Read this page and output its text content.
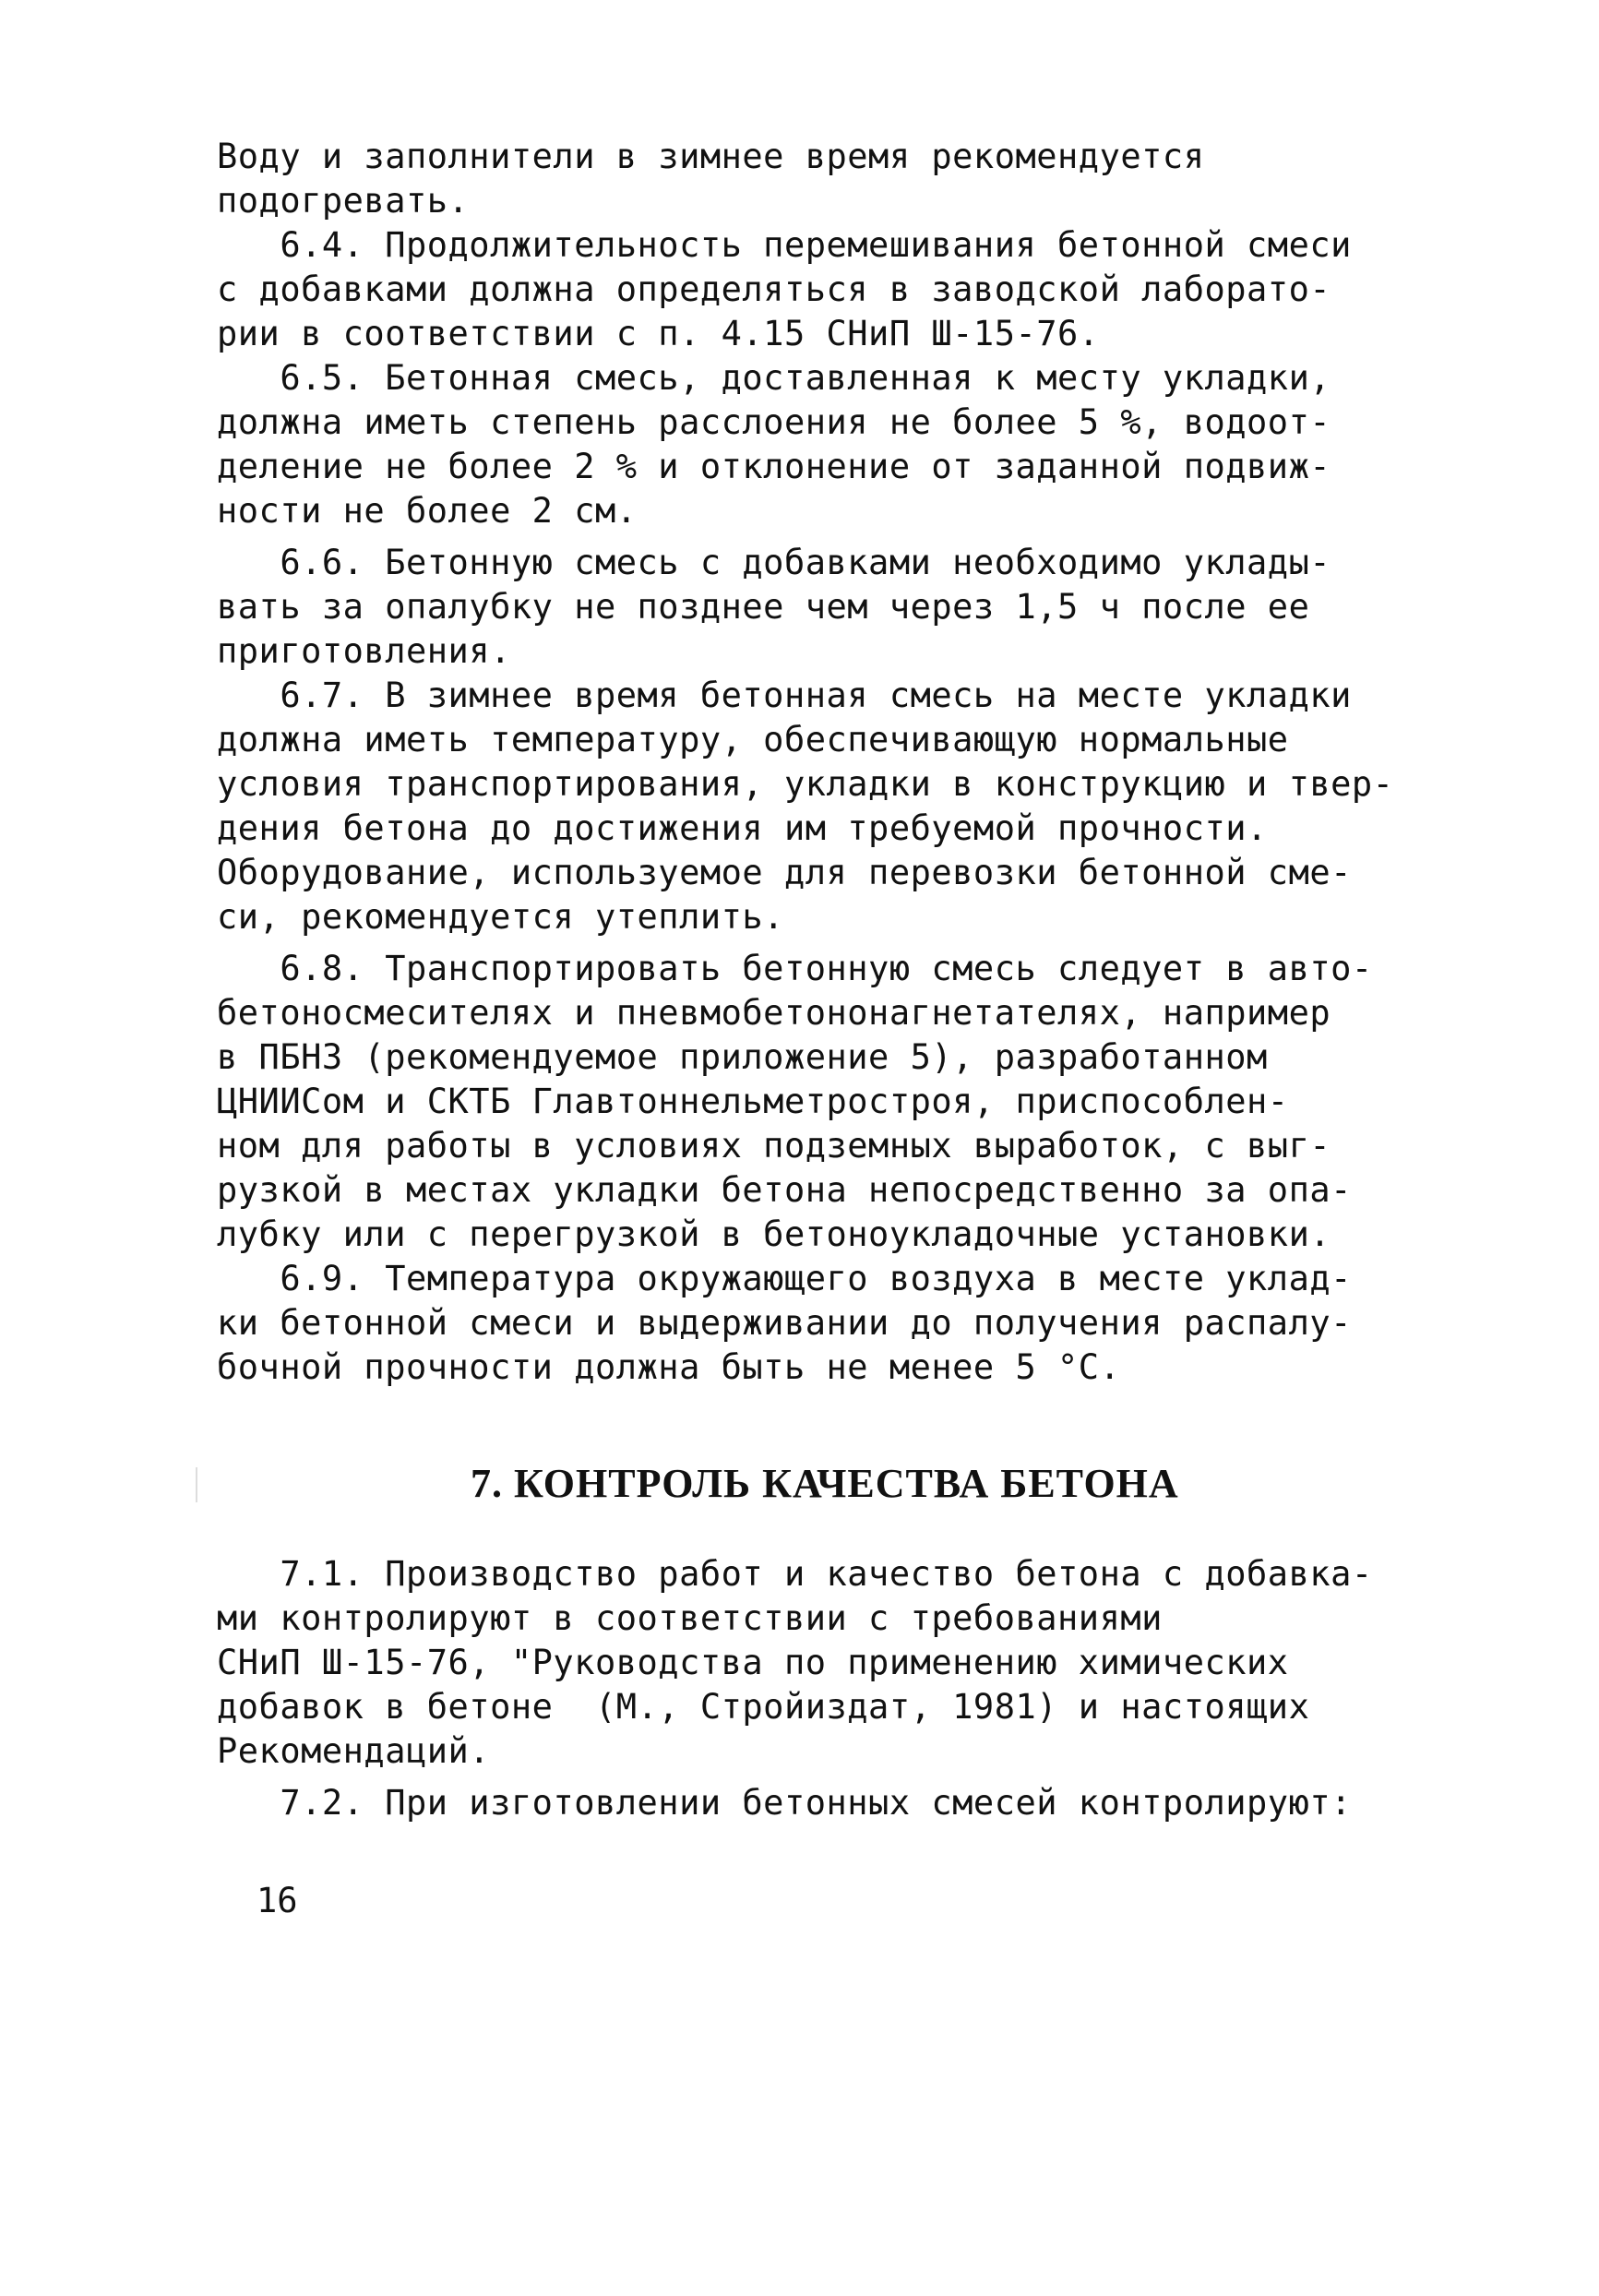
Воду и заполнители в зимнее время рекомендуется
подогревать.
6.4. Продолжительность перемешивания бетонной смеси
с добавками должна определяться в заводской лаборато-
рии в соответствии с п. 4.15 СНиП Ш-15-76.
6.5. Бетонная смесь, доставленная к месту укладки,
должна иметь степень расслоения не более 5 %, водоот-
деление не более 2 % и отклонение от заданной подвиж-
ности не более 2 см.
6.6. Бетонную смесь с добавками необходимо уклады-
вать за опалубку не позднее чем через 1,5 ч после ее
приготовления.
6.7. В зимнее время бетонная смесь на месте укладки
должна иметь температуру, обеспечивающую нормальные
условия транспортирования, укладки в конструкцию и твер-
дения бетона до достижения им требуемой прочности.
Оборудование, используемое для перевозки бетонной сме-
си, рекомендуется утеплить.
6.8. Транспортировать бетонную смесь следует в авто-
бетоносмесителях и пневмобетононагнетателях, например
в ПБНЗ (рекомендуемое приложение 5), разработанном
ЦНИИСом и СКТБ Главтоннельметростроя, приспособлен-
ном для работы в условиях подземных выработок, с выг-
рузкой в местах укладки бетона непосредственно за опа-
лубку или с перегрузкой в бетоноукладочные установки.
6.9. Температура окружающего воздуха в месте уклад-
ки бетонной смеси и выдерживании до получения распалу-
бочной прочности должна быть не менее 5 °С.
7. КОНТРОЛЬ КАЧЕСТВА БЕТОНА
7.1. Производство работ и качество бетона с добавка-
ми контролируют в соответствии с требованиями
СНиП Ш-15-76, "Руководства по применению химических
добавок в бетоне  (М., Стройиздат, 1981) и настоящих
Рекомендаций.
7.2. При изготовлении бетонных смесей контролируют:
16
